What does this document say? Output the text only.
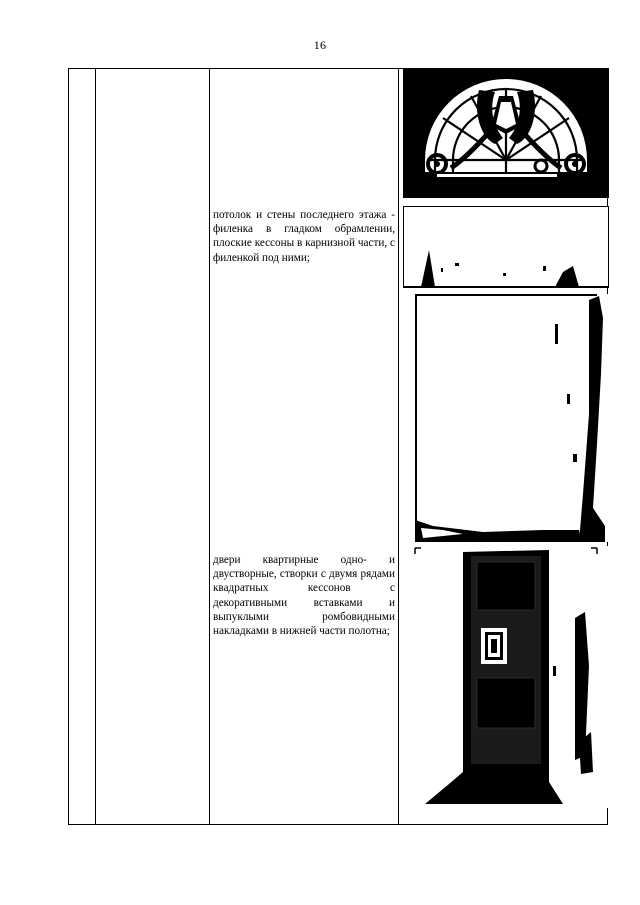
16
потолок и стены последнего этажа - филенка в гладком обрамлении, плоские кессоны в карнизной части, с филенкой под ними;
двери квартирные одно- и двустворные, створки с двумя рядами квадратных кессонов с декоративными вставками и выпуклыми ромбовидными накладками в нижней части полотна;
